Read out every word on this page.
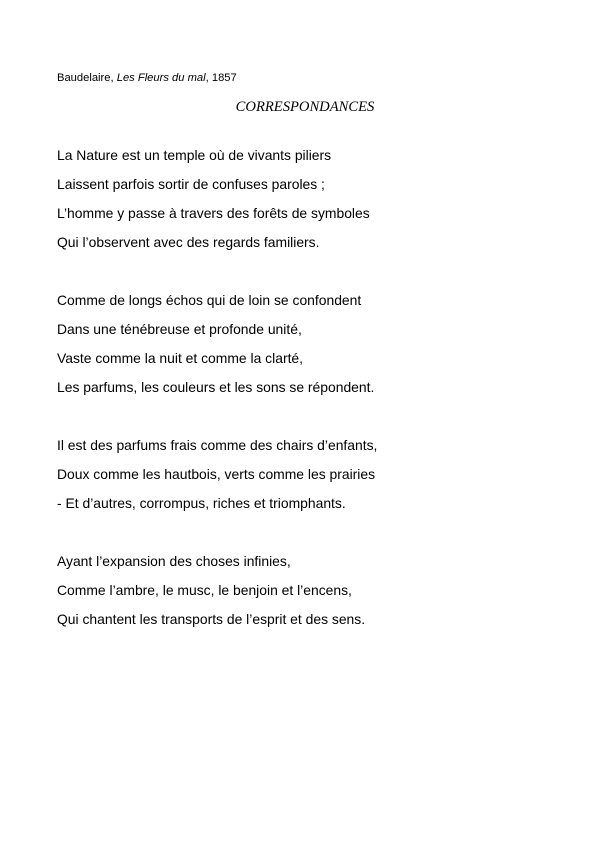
Baudelaire, Les Fleurs du mal, 1857
CORRESPONDANCES
La Nature est un temple où de vivants piliers
Laissent parfois sortir de confuses paroles ;
L’homme y passe à travers des forêts de symboles
Qui l’observent avec des regards familiers.
Comme de longs échos qui de loin se confondent
Dans une ténébreuse et profonde unité,
Vaste comme la nuit et comme la clarté,
Les parfums, les couleurs et les sons se répondent.
Il est des parfums frais comme des chairs d’enfants,
Doux comme les hautbois, verts comme les prairies
- Et d’autres, corrompus, riches et triomphants.
Ayant l’expansion des choses infinies,
Comme l’ambre, le musc, le benjoin et l’encens,
Qui chantent les transports de l’esprit et des sens.
